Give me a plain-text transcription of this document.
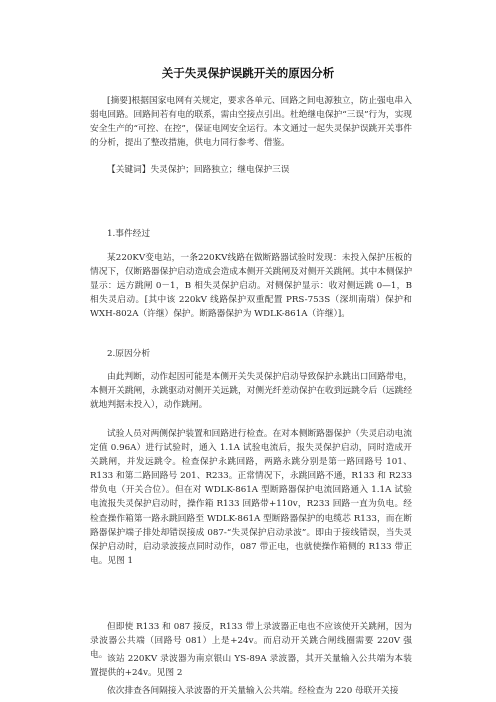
关于失灵保护误跳开关的原因分析

[摘要]根据国家电网有关规定，要求各单元、回路之间电源独立，防止强电串入弱电回路。回路间若有电的联系，需由空接点引出。杜绝继电保护“三误”行为，实现安全生产的“可控、在控”，保证电网安全运行。本文通过一起失灵保护误跳开关事件的分析，提出了整改措施，供电力同行参考、借鉴。

【关键词】失灵保护；回路独立；继电保护三误

1.事件经过

某220KV变电站，一条220KV线路在做断路器试验时发现：未投入保护压板的情况下，仅断路器保护启动造成会造成本侧开关跳闸及对侧开关跳闸。其中本侧保护显示：远方跳闸 0－1，B 相失灵保护启动。对侧保护显示：收对侧远跳 0—1，B 相失灵启动。[其中该 220kV 线路保护双重配置 PRS-753S（深圳南瑞）保护和 WXH-802A（许继）保护。断路器保护为 WDLK-861A（许继）]。

2.原因分析

由此判断，动作起因可能是本侧开关失灵保护启动导致保护永跳出口回路带电，本侧开关跳闸，永跳驱动对侧开关远跳，对侧光纤差动保护在收到远跳令后（远跳经就地判据未投入），动作跳闸。

试验人员对两侧保护装置和回路进行检查。在对本侧断路器保护（失灵启动电流定值 0.96A）进行试验时，通入 1.1A 试验电流后，报失灵保护启动，同时造成开关跳闸，并发远跳令。检查保护永跳回路，两路永跳分别是第一路回路号 101、R133 和第二路回路号 201、R233。正常情况下，永跳回路不通，R133 和 R233 带负电（开关合位）。但在对 WDLK-861A 型断路器保护电流回路通入 1.1A 试验电流报失灵保护启动时，操作箱 R133 回路带+110v，R233 回路一直为负电。经检查操作箱第一路永跳回路至 WDLK-861A 型断路器保护的电缆芯 R133，而在断路器保护端子排处却错误接成 087-“失灵保护启动录波”。即由于接线错误，当失灵保护启动时，启动录波接点同时动作，087 带正电，也就使操作箱侧的 R133 带正电。见图 1

但即使 R133 和 087 接反，R133 带上录波器正电也不应该使开关跳闸，因为录波器公共端（回路号 081）上是+24v。而启动开关跳合闸线圈需要 220V 强电。 该站 220KV 录波器为南京银山 YS-89A 录波器，其开关量输入公共端为本装置提供的+24v。见图 2

依次排查各间隔接入录波器的开关量输入公共端。经检查为 220 母联开关接
